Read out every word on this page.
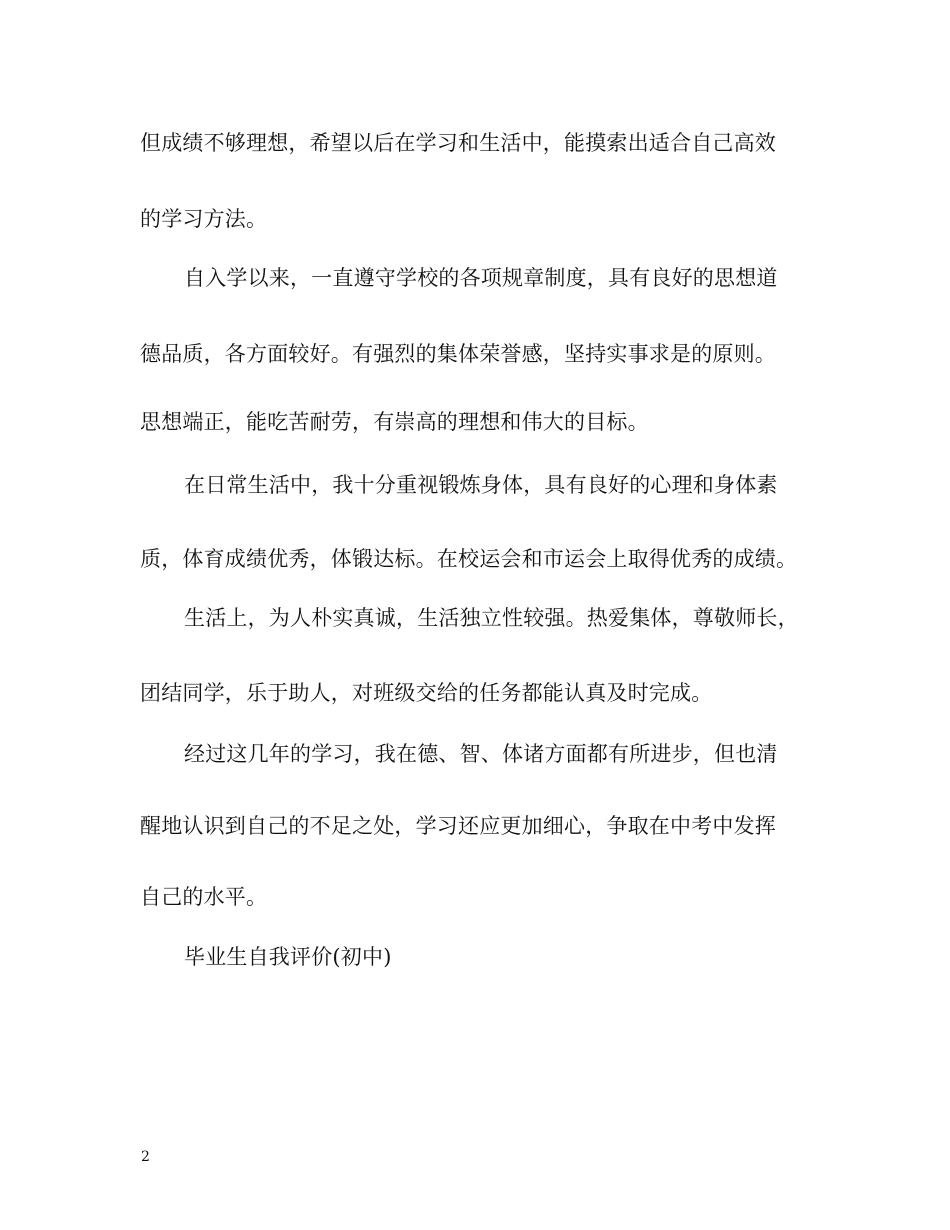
但成绩不够理想，希望以后在学习和生活中，能摸索出适合自己高效
的学习方法。
自入学以来，一直遵守学校的各项规章制度，具有良好的思想道
德品质，各方面较好。有强烈的集体荣誉感，坚持实事求是的原则。
思想端正，能吃苦耐劳，有崇高的理想和伟大的目标。
在日常生活中，我十分重视锻炼身体，具有良好的心理和身体素
质，体育成绩优秀，体锻达标。在校运会和市运会上取得优秀的成绩。
生活上，为人朴实真诚，生活独立性较强。热爱集体，尊敬师长，
团结同学，乐于助人，对班级交给的任务都能认真及时完成。
经过这几年的学习，我在德、智、体诸方面都有所进步，但也清
醒地认识到自己的不足之处，学习还应更加细心，争取在中考中发挥
自己的水平。
毕业生自我评价(初中)
2
